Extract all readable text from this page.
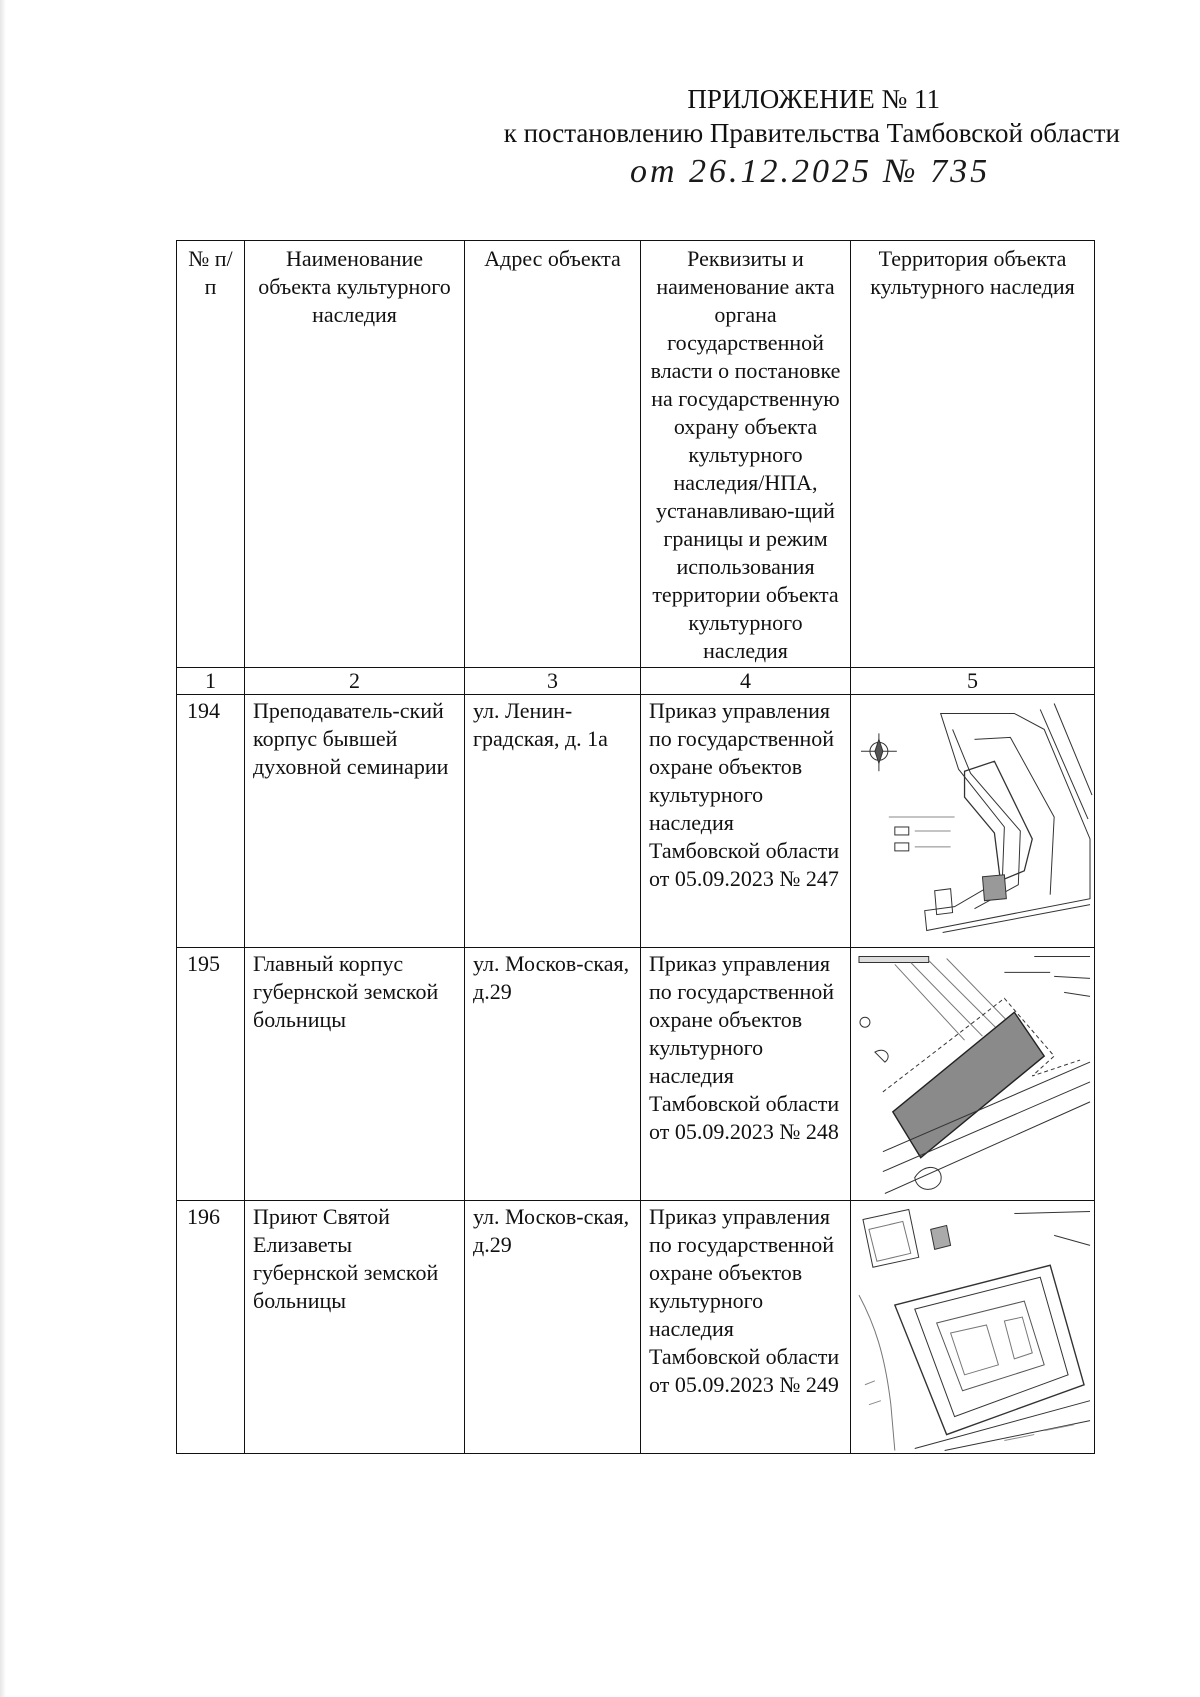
ПРИЛОЖЕНИЕ № 11
к постановлению Правительства Тамбовской области
от 26.12.2025 № 735
№ п/п	Наименование объекта культурного наследия	Адрес объекта	Реквизиты и наименование акта органа государственной власти о постановке на государственную охрану объекта культурного наследия/НПА, устанавливаю-щий границы и режим использования территории объекта культурного наследия	Территория объекта культурного наследия
1	2	3	4	5
194	Преподаватель-ский корпус бывшей духовной семинарии	ул. Ленин-градская, д. 1а	Приказ управления по государственной охране объектов культурного наследия Тамбовской области от 05.09.2023 № 247	

195	Главный корпус губернской земской больницы	ул. Москов-ская, д.29	Приказ управления по государственной охране объектов культурного наследия Тамбовской области от 05.09.2023 № 248	

196	Приют Святой Елизаветы губернской земской больницы	ул. Москов-ская, д.29	Приказ управления по государственной охране объектов культурного наследия Тамбовской области от 05.09.2023 № 249	
